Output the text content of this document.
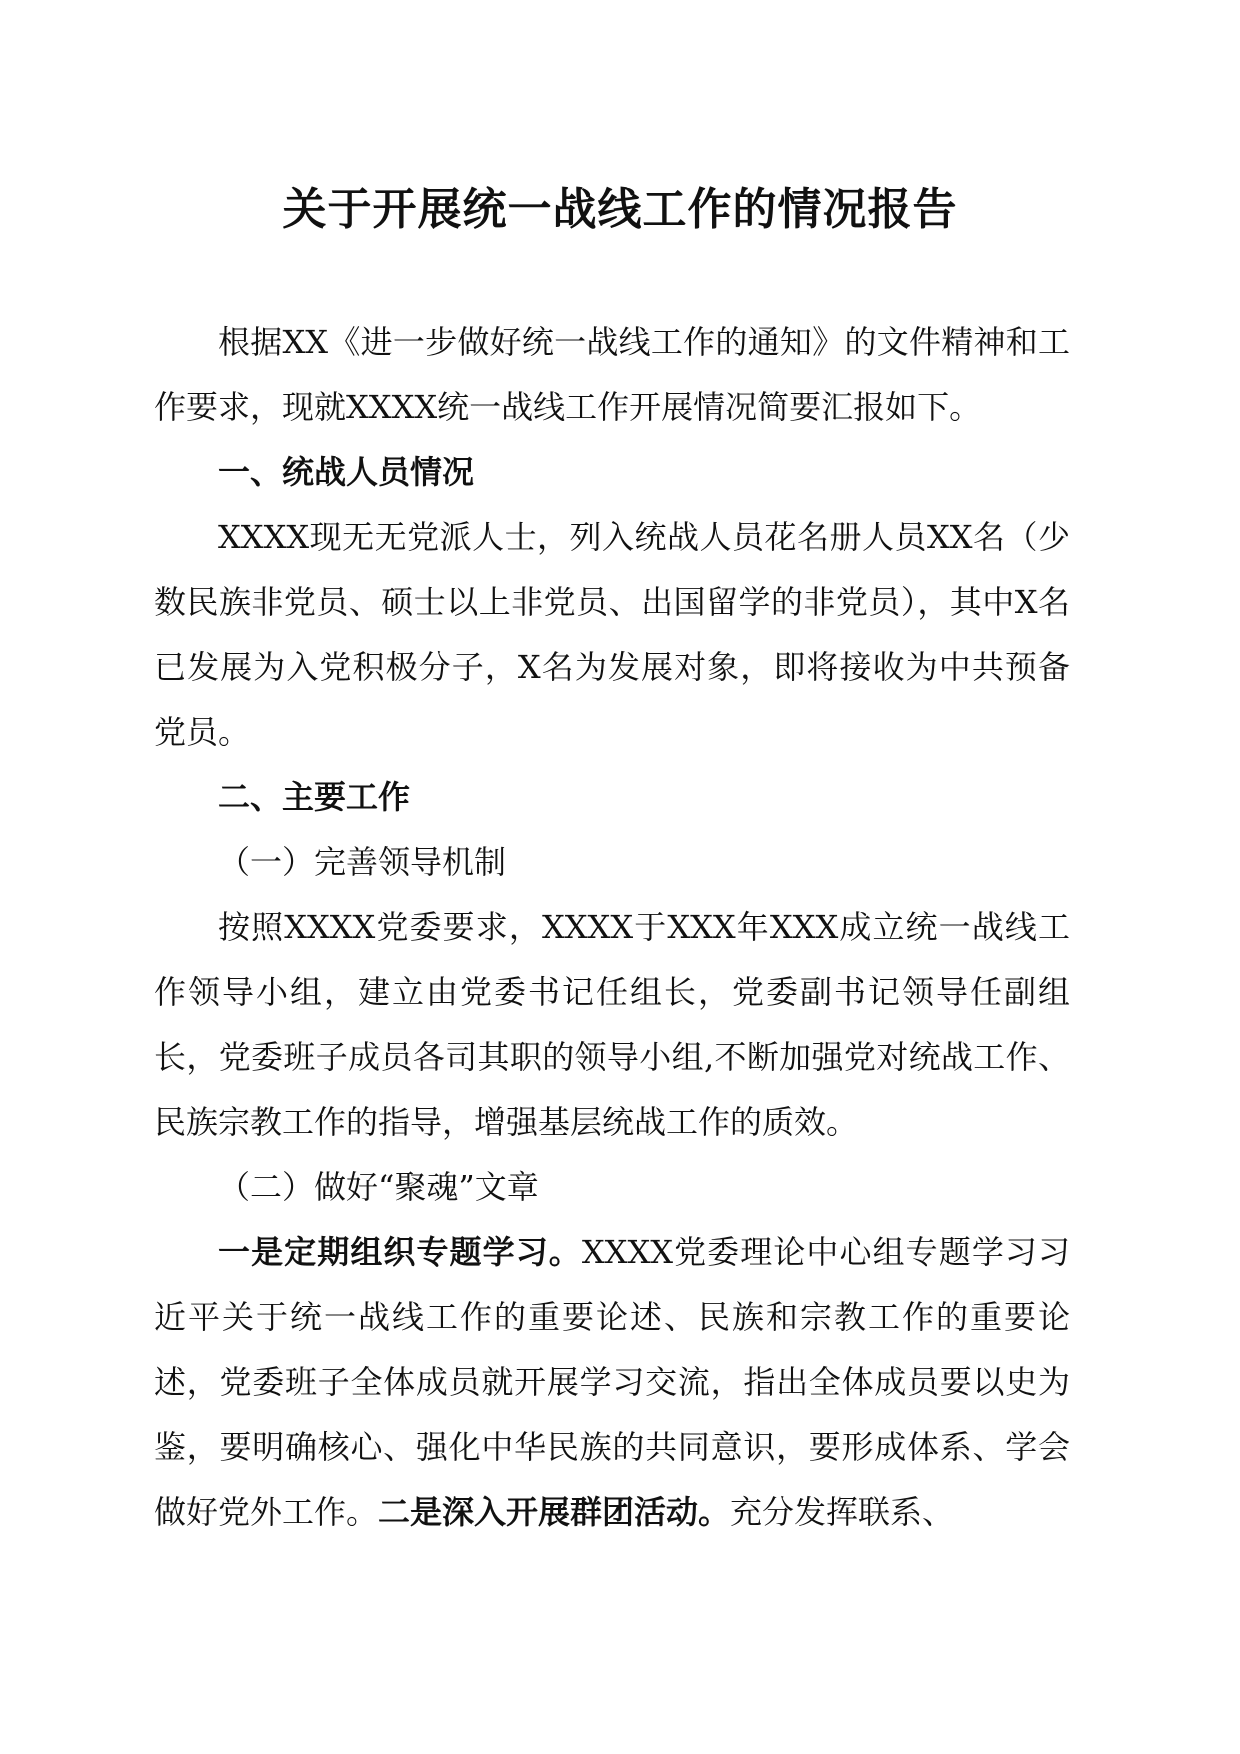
关于开展统一战线工作的情况报告

根据XX《进一步做好统一战线工作的通知》的文件精神和工作要求，现就XXXX统一战线工作开展情况简要汇报如下。

一、统战人员情况

XXXX现无无党派人士，列入统战人员花名册人员XX名（少数民族非党员、硕士以上非党员、出国留学的非党员），其中X名已发展为入党积极分子，X名为发展对象，即将接收为中共预备党员。

二、主要工作

（一）完善领导机制

按照XXXX党委要求，XXXX于XXX年XXX成立统一战线工作领导小组，建立由党委书记任组长，党委副书记领导任副组长，党委班子成员各司其职的领导小组,不断加强党对统战工作、民族宗教工作的指导，增强基层统战工作的质效。

（二）做好“聚魂”文章

一是定期组织专题学习。XXXX党委理论中心组专题学习习近平关于统一战线工作的重要论述、民族和宗教工作的重要论述，党委班子全体成员就开展学习交流，指出全体成员要以史为鉴，要明确核心、强化中华民族的共同意识，要形成体系、学会做好党外工作。二是深入开展群团活动。充分发挥联系、
